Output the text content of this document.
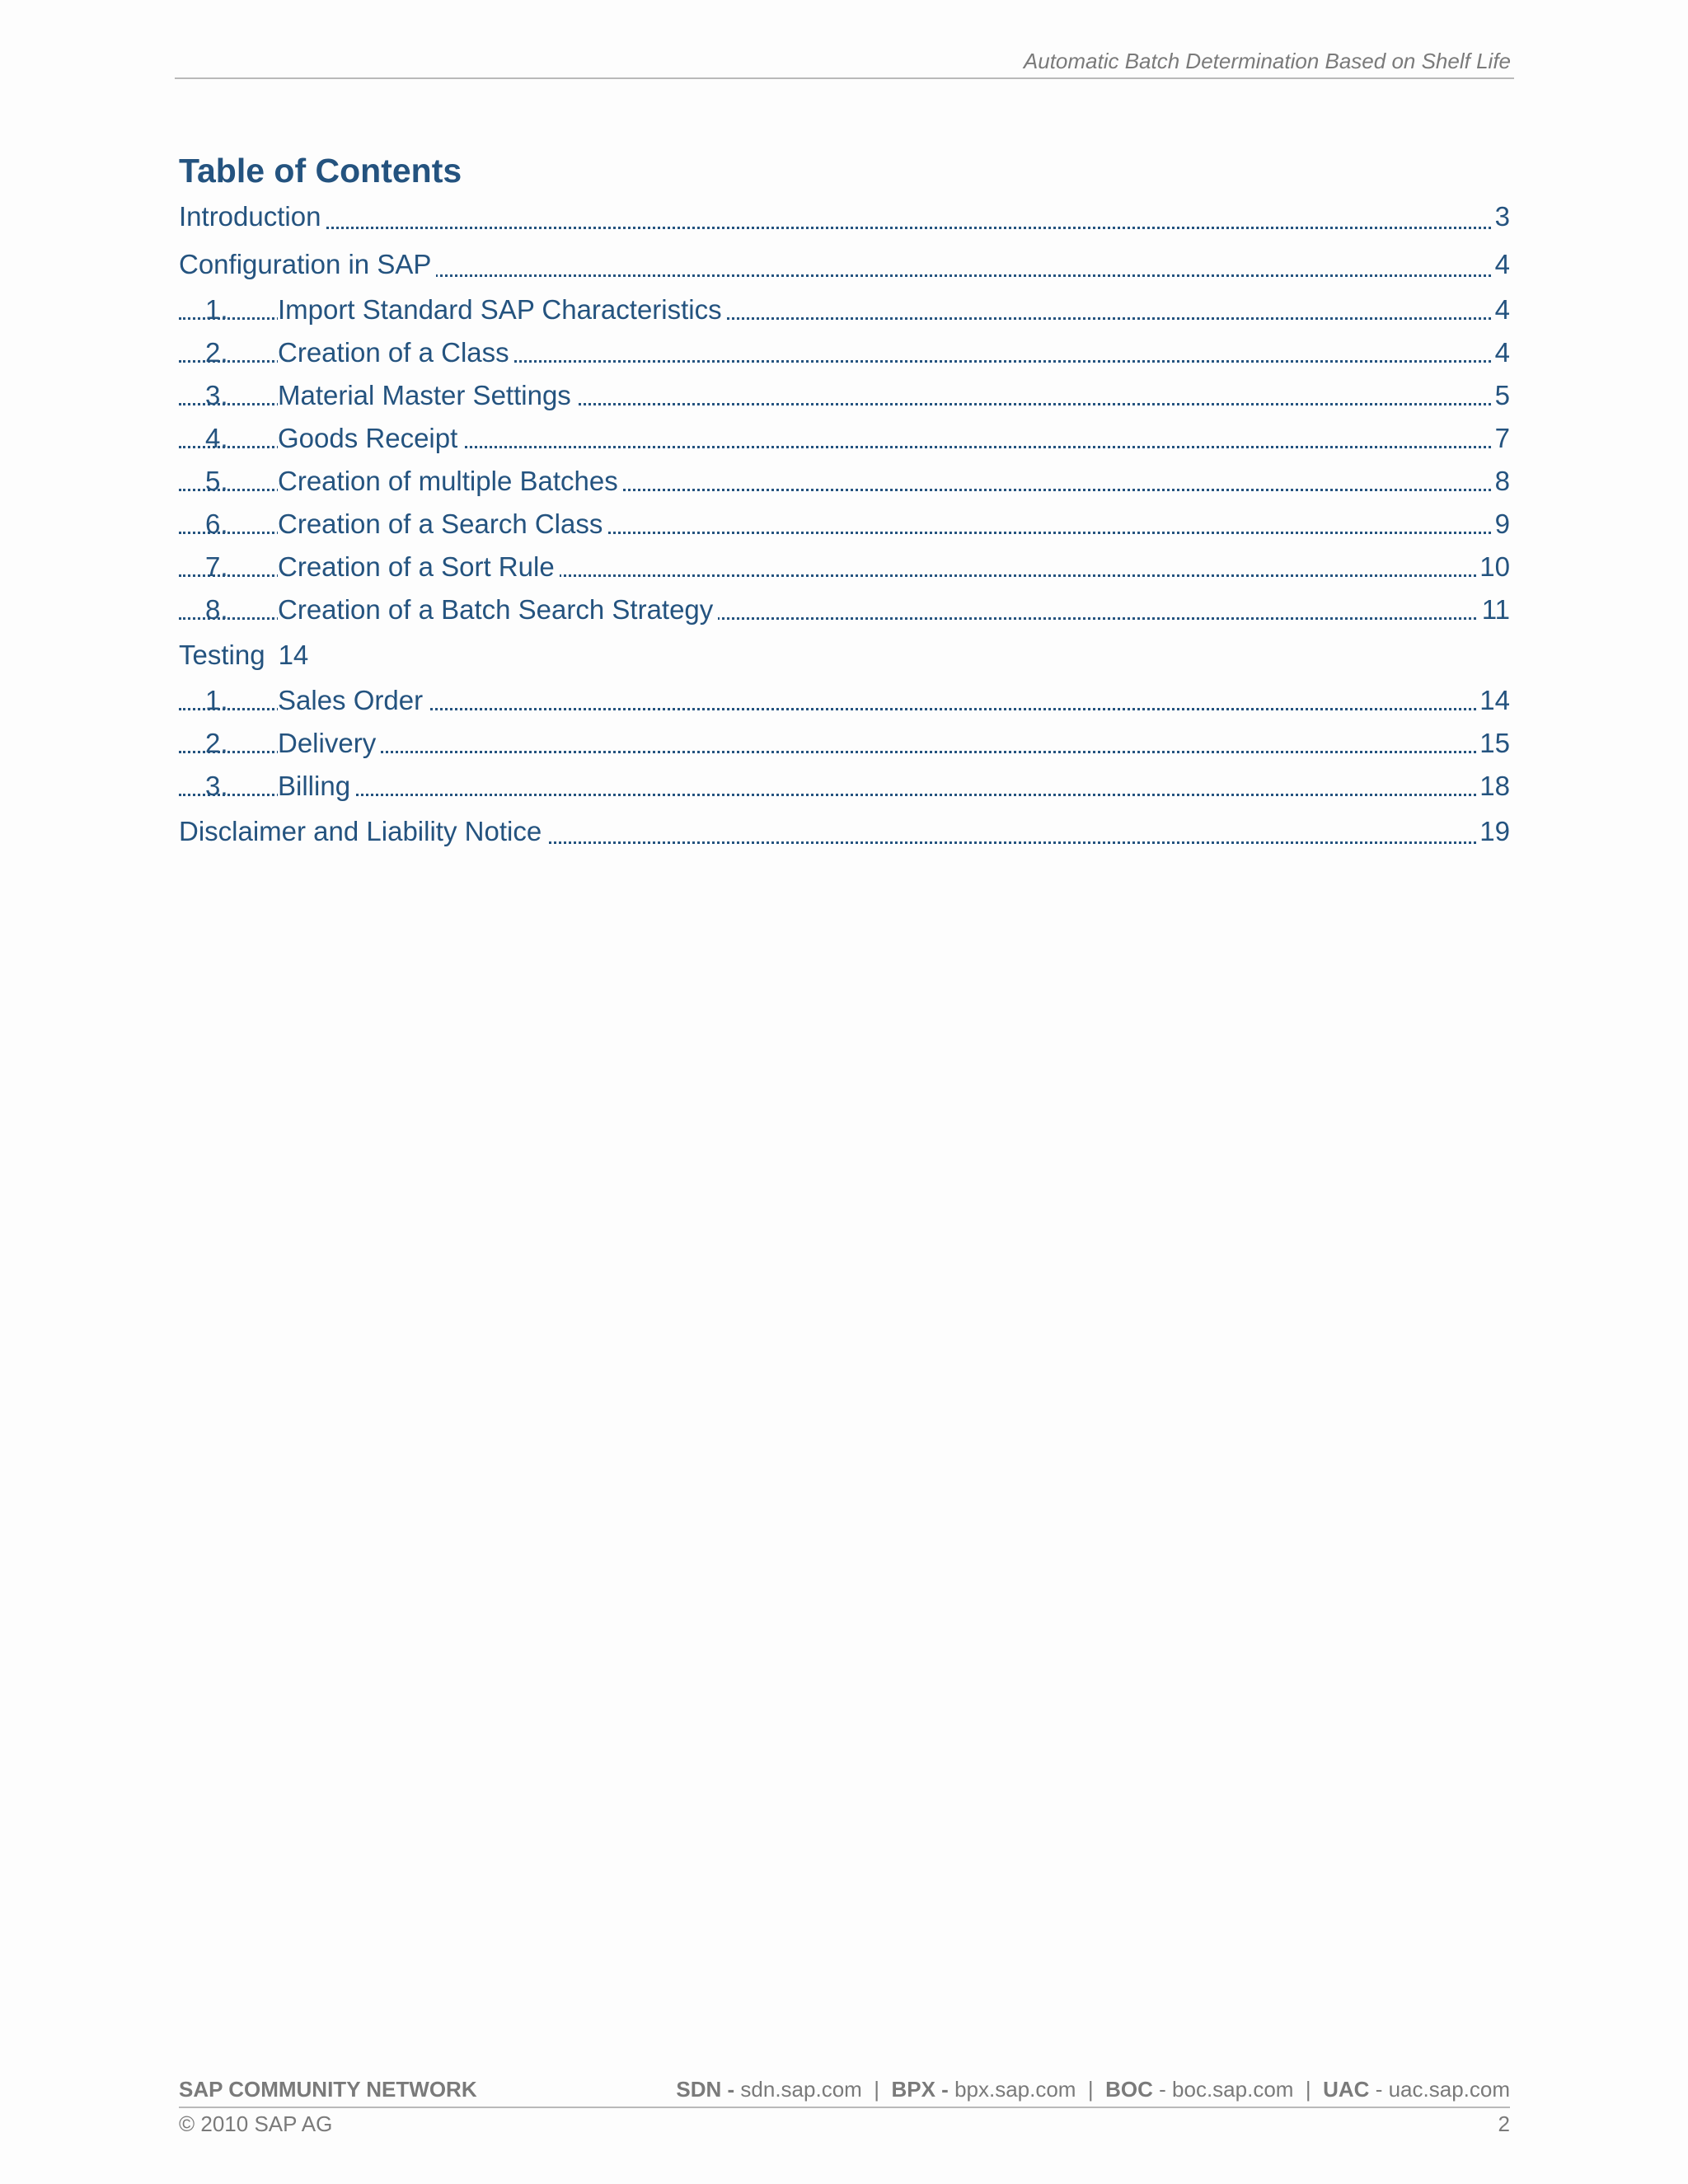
Automatic Batch Determination Based on Shelf Life
Table of Contents
Introduction	3
Configuration in SAP	4
1. Import Standard SAP Characteristics	4
2. Creation of a Class	4
3. Material Master Settings	5
4. Goods Receipt	7
5. Creation of multiple Batches	8
6. Creation of a Search Class	9
7. Creation of a Sort Rule	10
8. Creation of a Batch Search Strategy	11
Testing 14
1. Sales Order	14
2. Delivery	15
3. Billing	18
Disclaimer and Liability Notice	19
SAP COMMUNITY NETWORK	SDN - sdn.sap.com | BPX - bpx.sap.com | BOC - boc.sap.com | UAC - uac.sap.com
© 2010 SAP AG	2
